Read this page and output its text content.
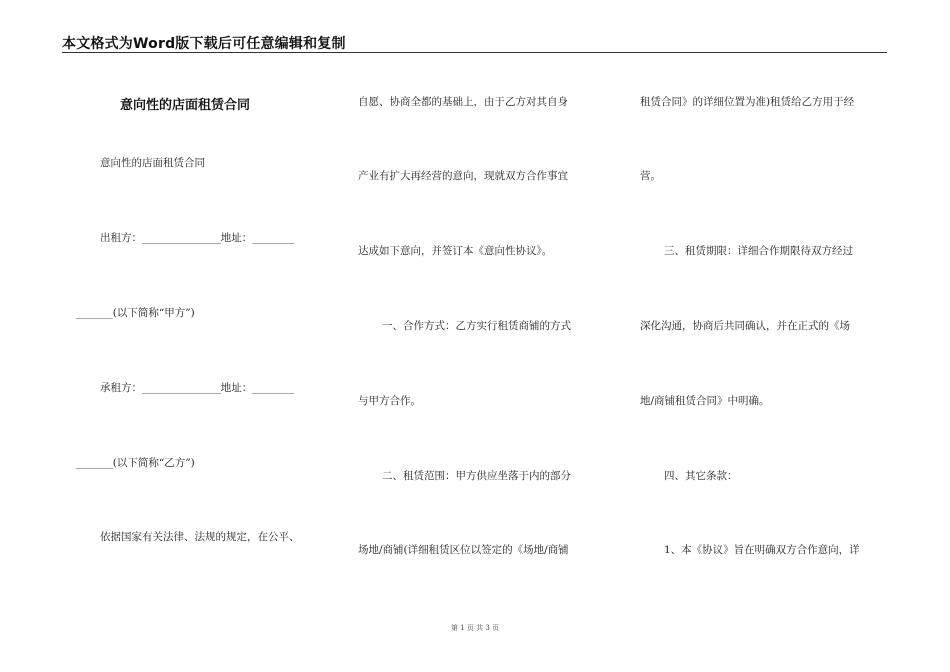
本文格式为Word版下载后可任意编辑和复制
意向性的店面租赁合同
意向性的店面租赁合同
出租方：_______________地址：________
_______(以下简称“甲方”)
承租方：_______________地址：________
_______(以下简称“乙方”)
依据国家有关法律、法规的规定，在公平、
自愿、协商全都的基础上，由于乙方对其自身
产业有扩大再经营的意向，现就双方合作事宜
达成如下意向，并签订本《意向性协议》。
一、合作方式：乙方实行租赁商铺的方式
与甲方合作。
二、租赁范围：甲方供应坐落于内的部分
场地/商铺(详细租赁区位以签定的《场地/商铺
租赁合同》的详细位置为准)租赁给乙方用于经
营。
三、租赁期限：详细合作期限待双方经过
深化沟通，协商后共同确认，并在正式的《场
地/商铺租赁合同》中明确。
四、其它条款：
1、本《协议》旨在明确双方合作意向，详
第 1 页 共 3 页
